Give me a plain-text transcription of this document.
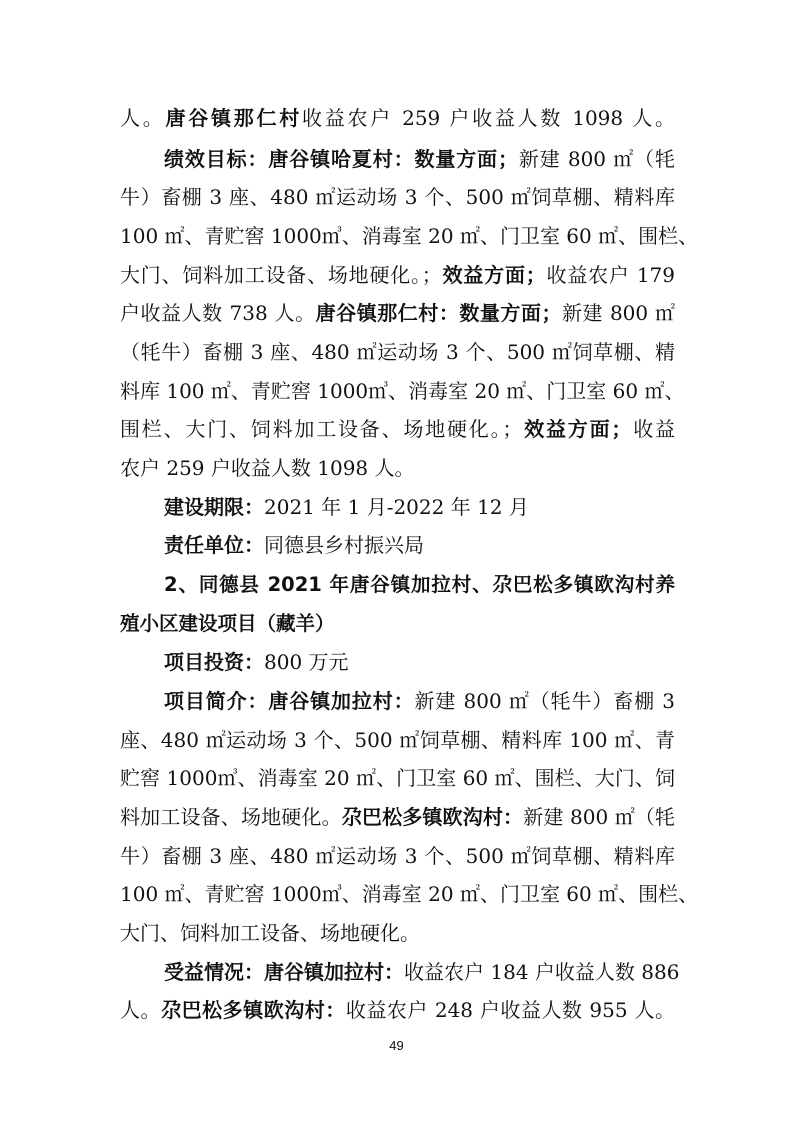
人。唐谷镇那仁村收益农户 259 户收益人数 1098 人。
绩效目标：唐谷镇哈夏村：数量方面；新建 800 ㎡（牦
牛）畜棚 3 座、480 ㎡运动场 3 个、500 ㎡饲草棚、精料库
100 ㎡、青贮窖 1000㎥、消毒室 20 ㎡、门卫室 60 ㎡、围栏、
大门、饲料加工设备、场地硬化。；效益方面；收益农户 179
户收益人数 738 人。唐谷镇那仁村：数量方面；新建 800 ㎡
（牦牛）畜棚 3 座、480 ㎡运动场 3 个、500 ㎡饲草棚、精
料库 100 ㎡、青贮窖 1000㎥、消毒室 20 ㎡、门卫室 60 ㎡、
围栏、大门、饲料加工设备、场地硬化。；效益方面；收益
农户 259 户收益人数 1098 人。
建设期限：2021 年 1 月-2022 年 12 月
责任单位：同德县乡村振兴局
2、同德县 2021 年唐谷镇加拉村、尕巴松多镇欧沟村养
殖小区建设项目（藏羊）
项目投资：800 万元
项目简介：唐谷镇加拉村：新建 800 ㎡（牦牛）畜棚 3
座、480 ㎡运动场 3 个、500 ㎡饲草棚、精料库 100 ㎡、青
贮窖 1000㎥、消毒室 20 ㎡、门卫室 60 ㎡、围栏、大门、饲
料加工设备、场地硬化。尕巴松多镇欧沟村：新建 800 ㎡（牦
牛）畜棚 3 座、480 ㎡运动场 3 个、500 ㎡饲草棚、精料库
100 ㎡、青贮窖 1000㎥、消毒室 20 ㎡、门卫室 60 ㎡、围栏、
大门、饲料加工设备、场地硬化。
受益情况：唐谷镇加拉村：收益农户 184 户收益人数 886
人。尕巴松多镇欧沟村：收益农户 248 户收益人数 955 人。
49
